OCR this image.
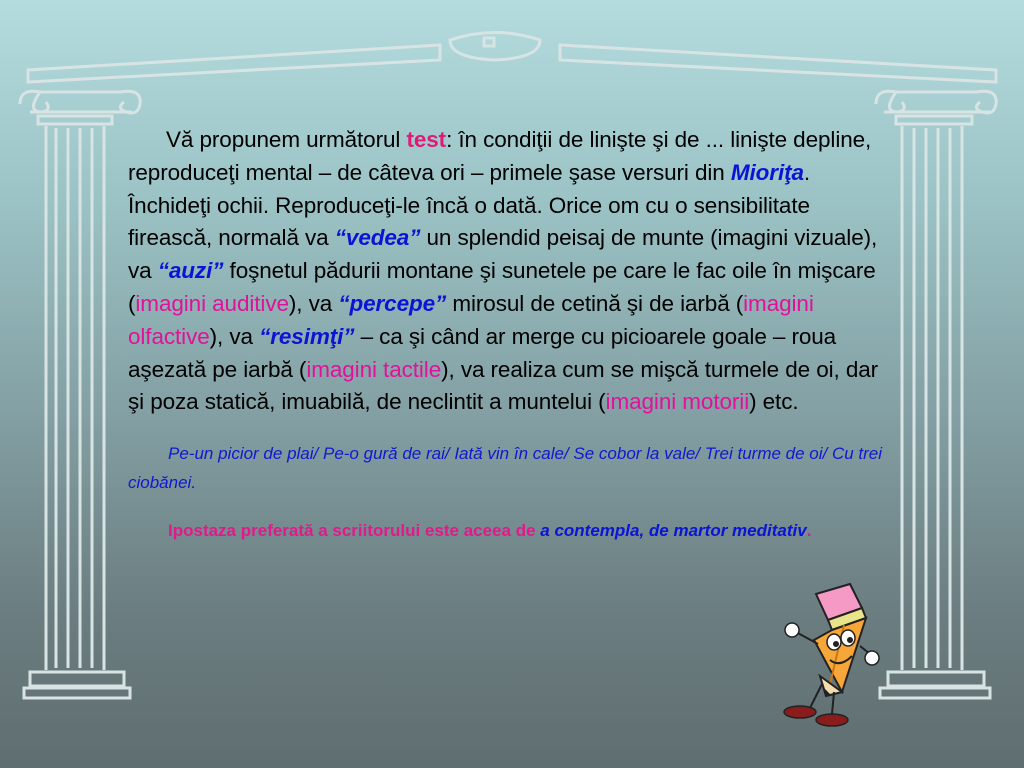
Vă propunem următorul test: în condiţii de linişte şi de ... linişte depline, reproduceţi mental – de câteva ori – primele şase versuri din Mioriţa. Închideţi ochii. Reproduceţi-le încă o dată. Orice om cu o sensibilitate firească, normală va “vedea” un splendid peisaj de munte (imagini vizuale), va “auzi” foşnetul pădurii montane şi sunetele pe care le fac oile în mişcare (imagini auditive), va “percepe” mirosul de cetină şi de iarbă (imagini olfactive), va “resimţi” – ca şi când ar merge cu picioarele goale – roua aşezată pe iarbă (imagini tactile), va realiza cum se mişcă turmele de oi, dar şi poza statică, imuabilă, de neclintit a muntelui (imagini motorii) etc.

Pe-un picior de plai/ Pe-o gură de rai/ Iată vin în cale/ Se cobor la vale/ Trei turme de oi/ Cu trei ciobănei.

Ipostaza preferată a scriitorului este aceea de a contempla, de martor meditativ.
